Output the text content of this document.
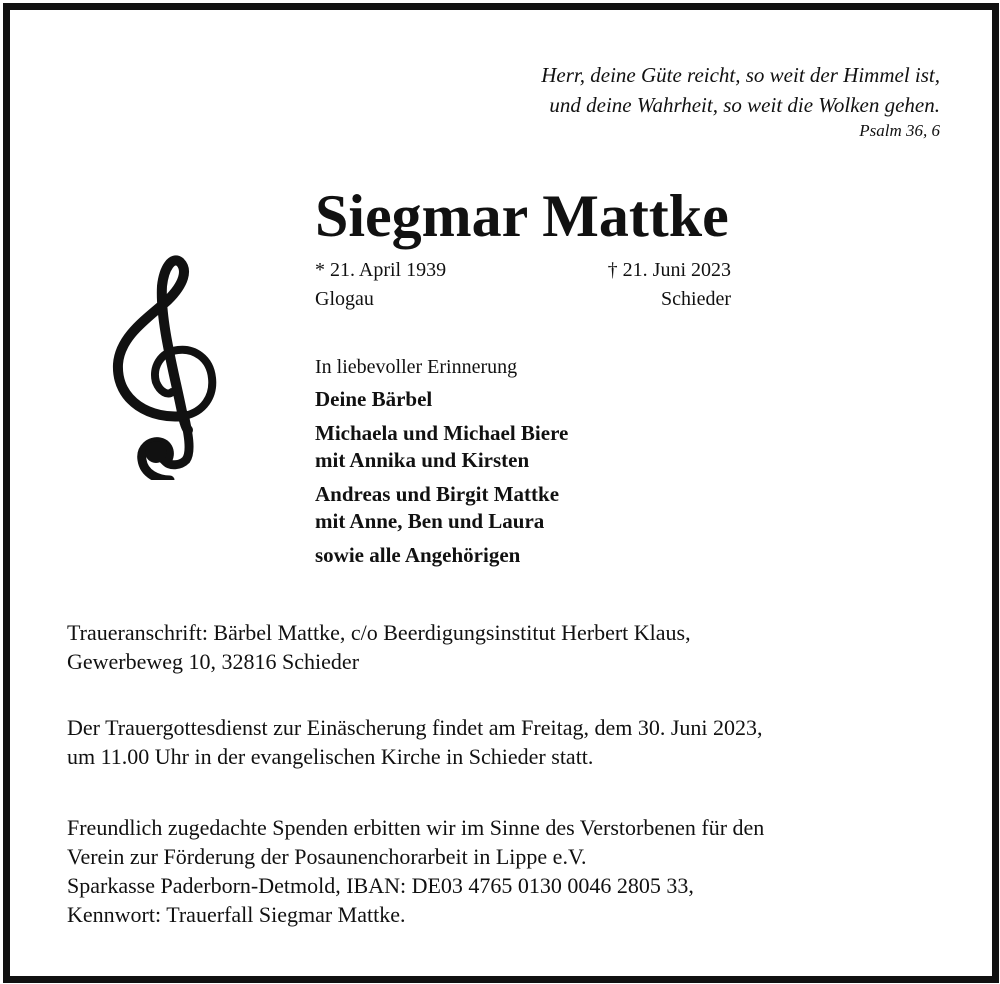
Herr, deine Güte reicht, so weit der Himmel ist,
und deine Wahrheit, so weit die Wolken gehen.
Psalm 36, 6
Siegmar Mattke
* 21. April 1939	† 21. Juni 2023
Glogau	Schieder
In liebevoller Erinnerung
Deine Bärbel
Michaela und Michael Biere
mit Annika und Kirsten
Andreas und Birgit Mattke
mit Anne, Ben und Laura
sowie alle Angehörigen
Traueranschrift: Bärbel Mattke, c/o Beerdigungsinstitut Herbert Klaus,
Gewerbeweg 10, 32816 Schieder
Der Trauergottesdienst zur Einäscherung findet am Freitag, dem 30. Juni 2023,
um 11.00 Uhr in der evangelischen Kirche in Schieder statt.
Freundlich zugedachte Spenden erbitten wir im Sinne des Verstorbenen für den
Verein zur Förderung der Posaunenchorarbeit in Lippe e.V.
Sparkasse Paderborn-Detmold, IBAN: DE03 4765 0130 0046 2805 33,
Kennwort: Trauerfall Siegmar Mattke.
